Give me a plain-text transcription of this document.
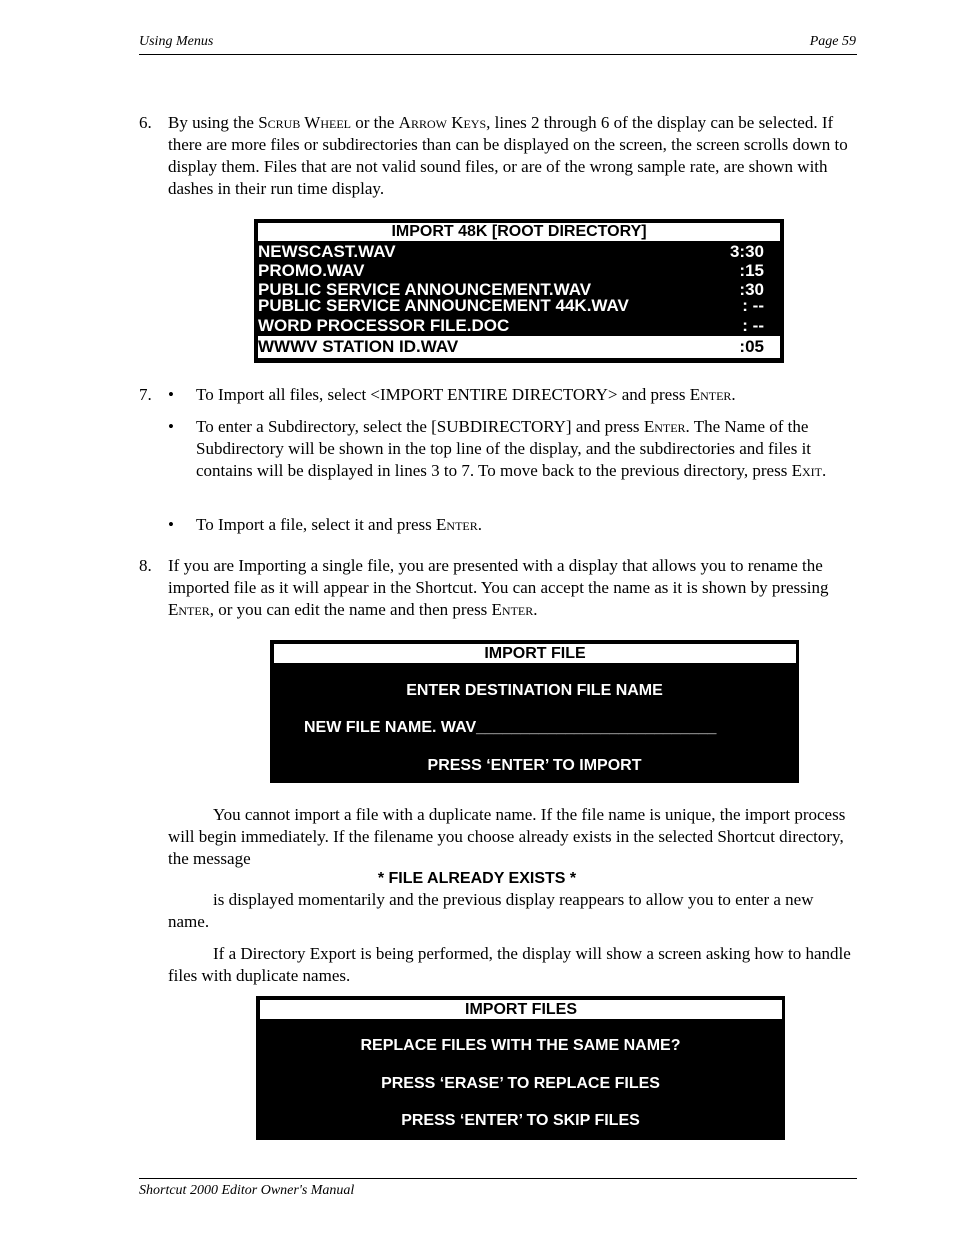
Using Menus	Page 59
6. By using the Scrub Wheel or the Arrow Keys, lines 2 through 6 of the display can be selected. If there are more files or subdirectories than can be displayed on the screen, the screen scrolls down to display them. Files that are not valid sound files, or are of the wrong sample rate, are shown with dashes in their run time display.
IMPORT 48K [ROOT DIRECTORY]
NEWSCAST.WAV	3:30
PROMO.WAV	:15
PUBLIC SERVICE ANNOUNCEMENT.WAV	:30
PUBLIC SERVICE ANNOUNCEMENT 44K.WAV	: --
WORD PROCESSOR FILE.DOC	: --
WWWV STATION ID.WAV	:05
7. • To Import all files, select <IMPORT ENTIRE DIRECTORY> and press Enter.
• To enter a Subdirectory, select the [SUBDIRECTORY] and press Enter. The Name of the Subdirectory will be shown in the top line of the display, and the subdirectories and files it contains will be displayed in lines 3 to 7. To move back to the previous directory, press Exit.
• To Import a file, select it and press Enter.
8. If you are Importing a single file, you are presented with a display that allows you to rename the imported file as it will appear in the Shortcut. You can accept the name as it is shown by pressing Enter, or you can edit the name and then press Enter.
IMPORT FILE
ENTER DESTINATION FILE NAME
NEW FILE NAME. WAV___________________________
PRESS ‘ENTER’ TO IMPORT
You cannot import a file with a duplicate name. If the file name is unique, the import process will begin immediately. If the filename you choose already exists in the selected Shortcut directory, the message
* FILE ALREADY EXISTS *
is displayed momentarily and the previous display reappears to allow you to enter a new name.
If a Directory Export is being performed, the display will show a screen asking how to handle files with duplicate names.
IMPORT FILES
REPLACE FILES WITH THE SAME NAME?
PRESS ‘ERASE’ TO REPLACE FILES
PRESS ‘ENTER’ TO SKIP FILES
Shortcut 2000 Editor Owner's Manual
